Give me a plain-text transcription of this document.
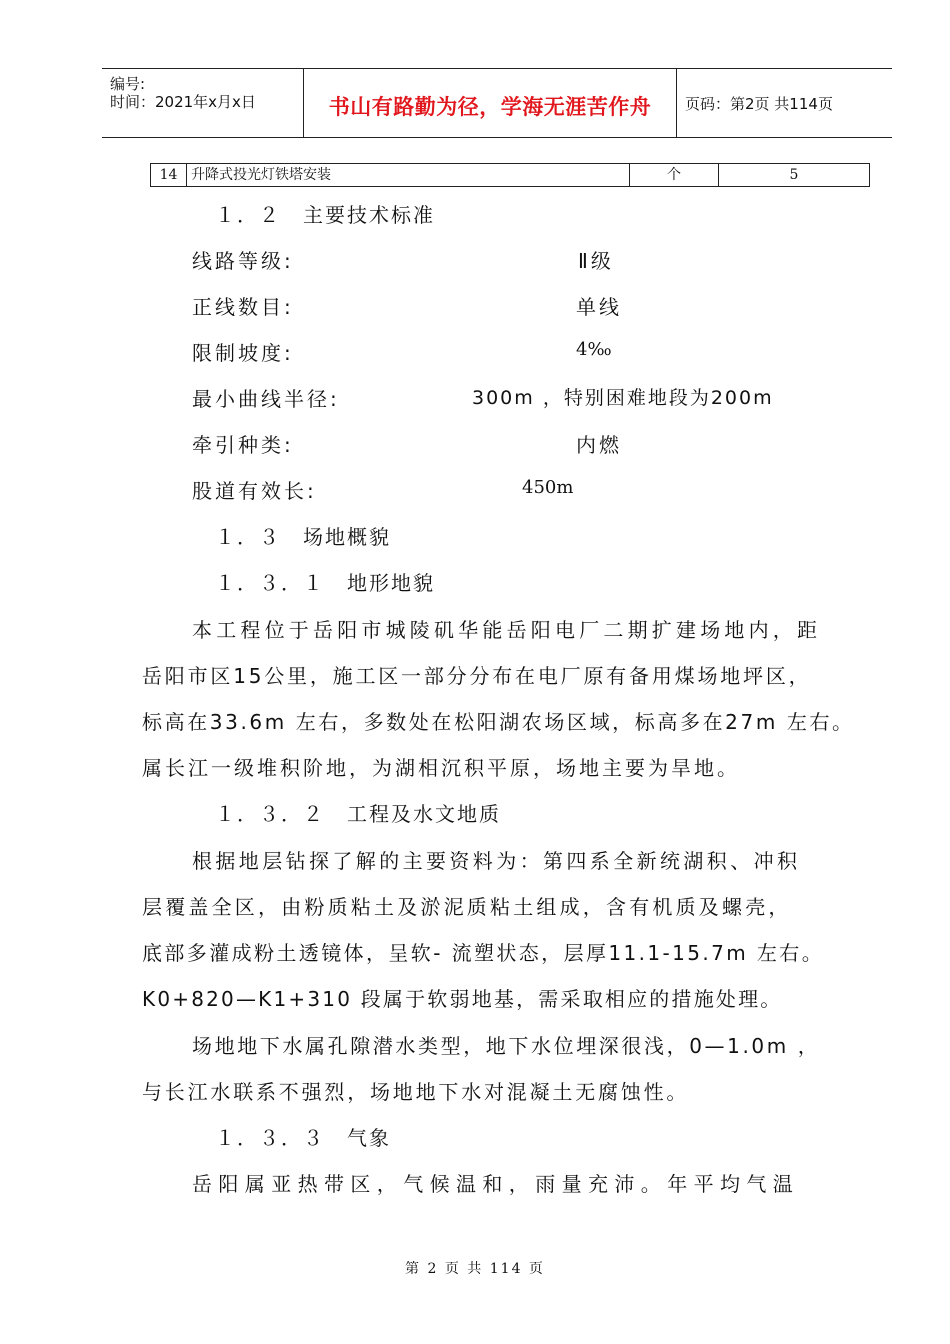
编号:
时间：2021年x月x日	书山有路勤为径，学海无涯苦作舟	页码：第2页 共114页
14 升降式投光灯铁塔安装	个	5
１．２　主要技术标准
线路等级:	Ⅱ级
正线数目:	单线
限制坡度:	4‰
最小曲线半径:	300m ，特别困难地段为200m
牵引种类:	内燃
股道有效长:	450m
１．３　场地概貌
１．３．１　地形地貌
本工程位于岳阳市城陵矶华能岳阳电厂二期扩建场地内，距
岳阳市区15公里，施工区一部分分布在电厂原有备用煤场地坪区，
标高在33.6m 左右，多数处在松阳湖农场区域，标高多在27m 左右。
属长江一级堆积阶地，为湖相沉积平原，场地主要为旱地。
１．３．２　工程及水文地质
根据地层钻探了解的主要资料为：第四系全新统湖积、冲积
层覆盖全区，由粉质粘土及淤泥质粘土组成，含有机质及螺壳，
底部多灌成粉土透镜体，呈软- 流塑状态，层厚11.1-15.7m 左右。
K0+820—K1+310 段属于软弱地基，需采取相应的措施处理。
场地地下水属孔隙潜水类型，地下水位埋深很浅，0—1.0m ，
与长江水联系不强烈，场地地下水对混凝土无腐蚀性。
１．３．３　气象
岳阳属亚热带区，气候温和，雨量充沛。年平均气温
第 2 页 共 114 页
